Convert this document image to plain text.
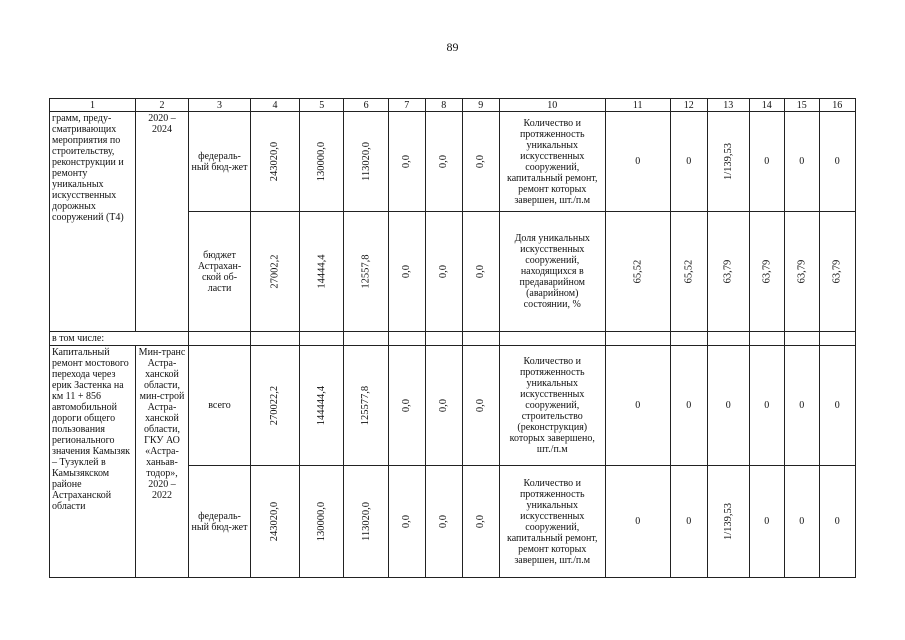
89
1	2	3	4	5	6	7	8	9	10	11	12	13	14	15	16
грамм, преду-сматривающих мероприятия по строительству, реконструкции и ремонту уникальных искусственных дорожных сооружений (Т4)	2020 – 2024	федераль-ный бюд-жет	243020,0	130000,0	113020,0	0,0	0,0	0,0	Количество и протяженность уникальных искусственных сооружений, капитальный ремонт, ремонт которых завершен, шт./п.м	0	0	1/139,53	0	0	0
		бюджет Астрахан-ской об-ласти	27002,2	14444,4	12557,8	0,0	0,0	0,0	Доля уникальных искусственных сооружений, находящихся в предаварийном (аварийном) состоянии, %	65,52	65,52	63,79	63,79	63,79	63,79
в том числе:															
Капитальный ремонт мостового перехода через ерик Застенка на км 11 + 856 автомобильной дороги общего пользования регионального значения Камызяк – Тузуклей в Камызякском районе Астраханской области	Мин-транс Астра-ханской области, мин-строй Астра-ханской области, ГКУ АО «Астра-ханьав-тодор», 2020 – 2022	всего	270022,2	144444,4	125577,8	0,0	0,0	0,0	Количество и протяженность уникальных искусственных сооружений, строительство (реконструкция) которых завершено, шт./п.м	0	0	0	0	0	0
		федераль-ный бюд-жет	243020,0	130000,0	113020,0	0,0	0,0	0,0	Количество и протяженность уникальных искусственных сооружений, капитальный ремонт, ремонт которых завершен, шт./п.м	0	0	1/139,53	0	0	0
